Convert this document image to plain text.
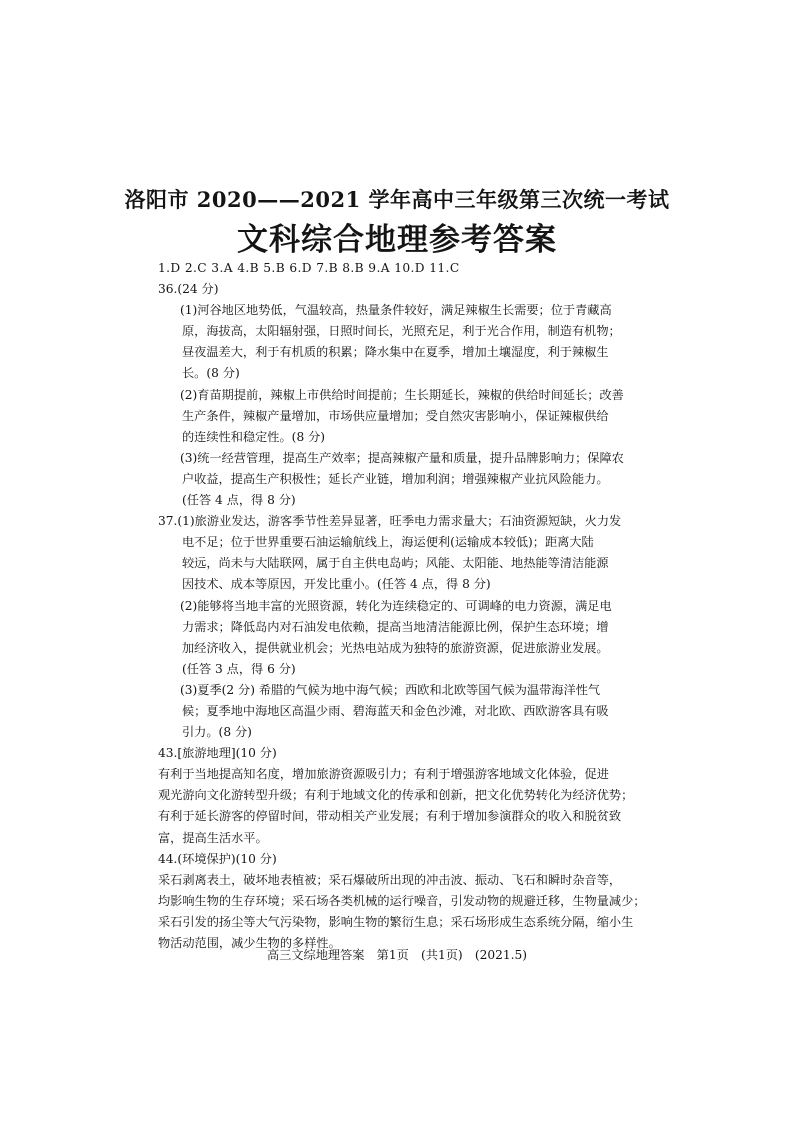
洛阳市 2020——2021 学年高中三年级第三次统一考试
文科综合地理参考答案
1.D 2.C 3.A 4.B 5.B 6.D 7.B 8.B 9.A 10.D 11.C
36.(24 分)
(1)河谷地区地势低，气温较高，热量条件较好，满足辣椒生长需要；位于青藏高
原，海拔高，太阳辐射强，日照时间长，光照充足，利于光合作用，制造有机物；
昼夜温差大，利于有机质的积累；降水集中在夏季，增加土壤湿度，利于辣椒生
长。(8 分)
(2)育苗期提前，辣椒上市供给时间提前；生长期延长，辣椒的供给时间延长；改善
生产条件，辣椒产量增加，市场供应量增加；受自然灾害影响小，保证辣椒供给
的连续性和稳定性。(8 分)
(3)统一经营管理，提高生产效率；提高辣椒产量和质量，提升品牌影响力；保障农
户收益，提高生产积极性；延长产业链，增加利润；增强辣椒产业抗风险能力。
(任答 4 点，得 8 分)
37.(1)旅游业发达，游客季节性差异显著，旺季电力需求量大；石油资源短缺，火力发
电不足；位于世界重要石油运输航线上，海运便利(运输成本较低)；距离大陆
较远，尚未与大陆联网，属于自主供电岛屿；风能、太阳能、地热能等清洁能源
因技术、成本等原因，开发比重小。(任答 4 点，得 8 分)
(2)能够将当地丰富的光照资源，转化为连续稳定的、可调峰的电力资源，满足电
力需求；降低岛内对石油发电依赖，提高当地清洁能源比例，保护生态环境；增
加经济收入，提供就业机会；光热电站成为独特的旅游资源，促进旅游业发展。
(任答 3 点，得 6 分)
(3)夏季(2 分) 希腊的气候为地中海气候；西欧和北欧等国气候为温带海洋性气
候；夏季地中海地区高温少雨、碧海蓝天和金色沙滩，对北欧、西欧游客具有吸
引力。(8 分)
43.[旅游地理](10 分)
有利于当地提高知名度，增加旅游资源吸引力；有利于增强游客地域文化体验，促进
观光游向文化游转型升级；有利于地域文化的传承和创新，把文化优势转化为经济优势；
有利于延长游客的停留时间，带动相关产业发展；有利于增加参演群众的收入和脱贫致
富，提高生活水平。
44.(环境保护)(10 分)
采石剥离表土，破坏地表植被；采石爆破所出现的冲击波、振动、飞石和瞬时杂音等，
均影响生物的生存环境；采石场各类机械的运行噪音，引发动物的规避迁移，生物量减少；
采石引发的扬尘等大气污染物，影响生物的繁衍生息；采石场形成生态系统分隔，缩小生
物活动范围，减少生物的多样性。
高三文综地理答案　第1页　(共1页)　(2021.5)
